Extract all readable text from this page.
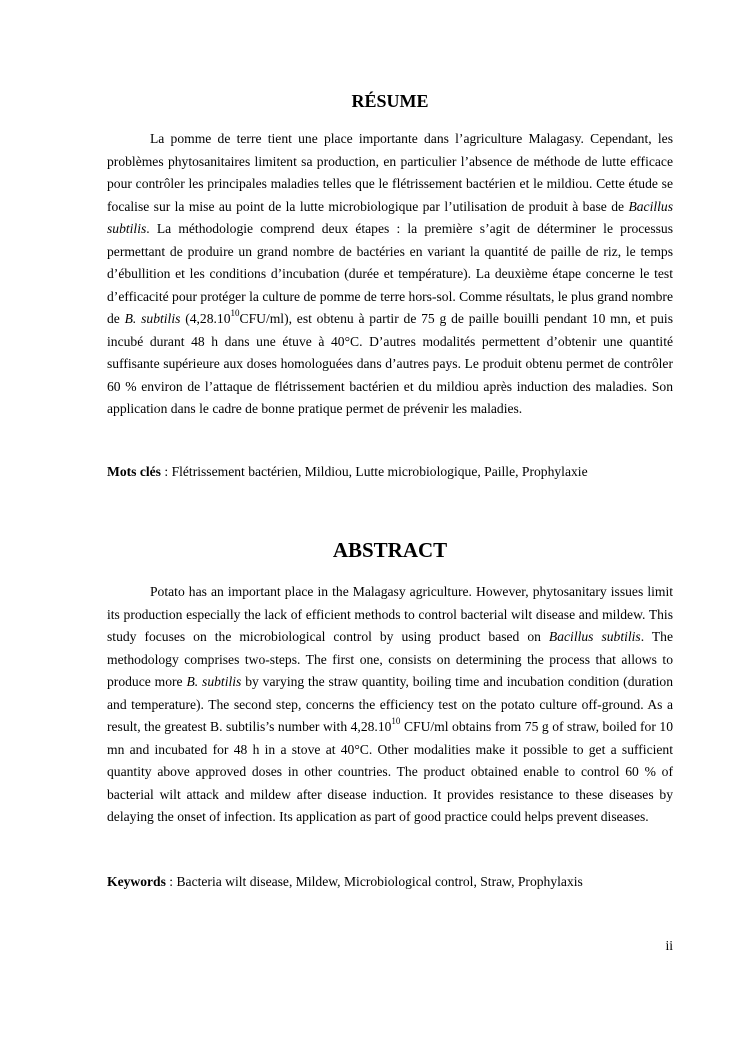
RÉSUME

La pomme de terre tient une place importante dans l’agriculture Malagasy. Cependant, les problèmes phytosanitaires limitent sa production, en particulier l’absence de méthode de lutte efficace pour contrôler les principales maladies telles que le flétrissement bactérien et le mildiou. Cette étude se focalise sur la mise au point de la lutte microbiologique par l’utilisation de produit à base de Bacillus subtilis. La méthodologie comprend deux étapes : la première s’agit de déterminer le processus permettant de produire un grand nombre de bactéries en variant la quantité de paille de riz, le temps d’ébullition et les conditions d’incubation (durée et température). La deuxième étape concerne le test d’efficacité pour protéger la culture de pomme de terre hors-sol. Comme résultats, le plus grand nombre de B. subtilis (4,28.10$^{10}$CFU/ml), est obtenu à partir de 75 g de paille bouilli pendant 10 mn, et puis incubé durant 48 h dans une étuve à 40°C. D’autres modalités permettent d’obtenir une quantité suffisante supérieure aux doses homologuées dans d’autres pays. Le produit obtenu permet de contrôler 60 % environ de l’attaque de flétrissement bactérien et du mildiou après induction des maladies. Son application dans le cadre de bonne pratique permet de prévenir les maladies.

Mots clés : Flétrissement bactérien, Mildiou, Lutte microbiologique, Paille, Prophylaxie

ABSTRACT

Potato has an important place in the Malagasy agriculture. However, phytosanitary issues limit its production especially the lack of efficient methods to control bacterial wilt disease and mildew. This study focuses on the microbiological control by using product based on Bacillus subtilis. The methodology comprises two-steps. The first one, consists on determining the process that allows to produce more B. subtilis by varying the straw quantity, boiling time and incubation condition (duration and temperature). The second step, concerns the efficiency test on the potato culture off-ground. As a result, the greatest B. subtilis’s number with 4,28.10$^{10}$ CFU/ml obtains from 75 g of straw, boiled for 10 mn and incubated for 48 h in a stove at 40°C. Other modalities make it possible to get a sufficient quantity above approved doses in other countries. The product obtained enable to control 60 % of bacterial wilt attack and mildew after disease induction. It provides resistance to these diseases by delaying the onset of infection. Its application as part of good practice could helps prevent diseases.

Keywords : Bacteria wilt disease, Mildew, Microbiological control, Straw, Prophylaxis

ii
